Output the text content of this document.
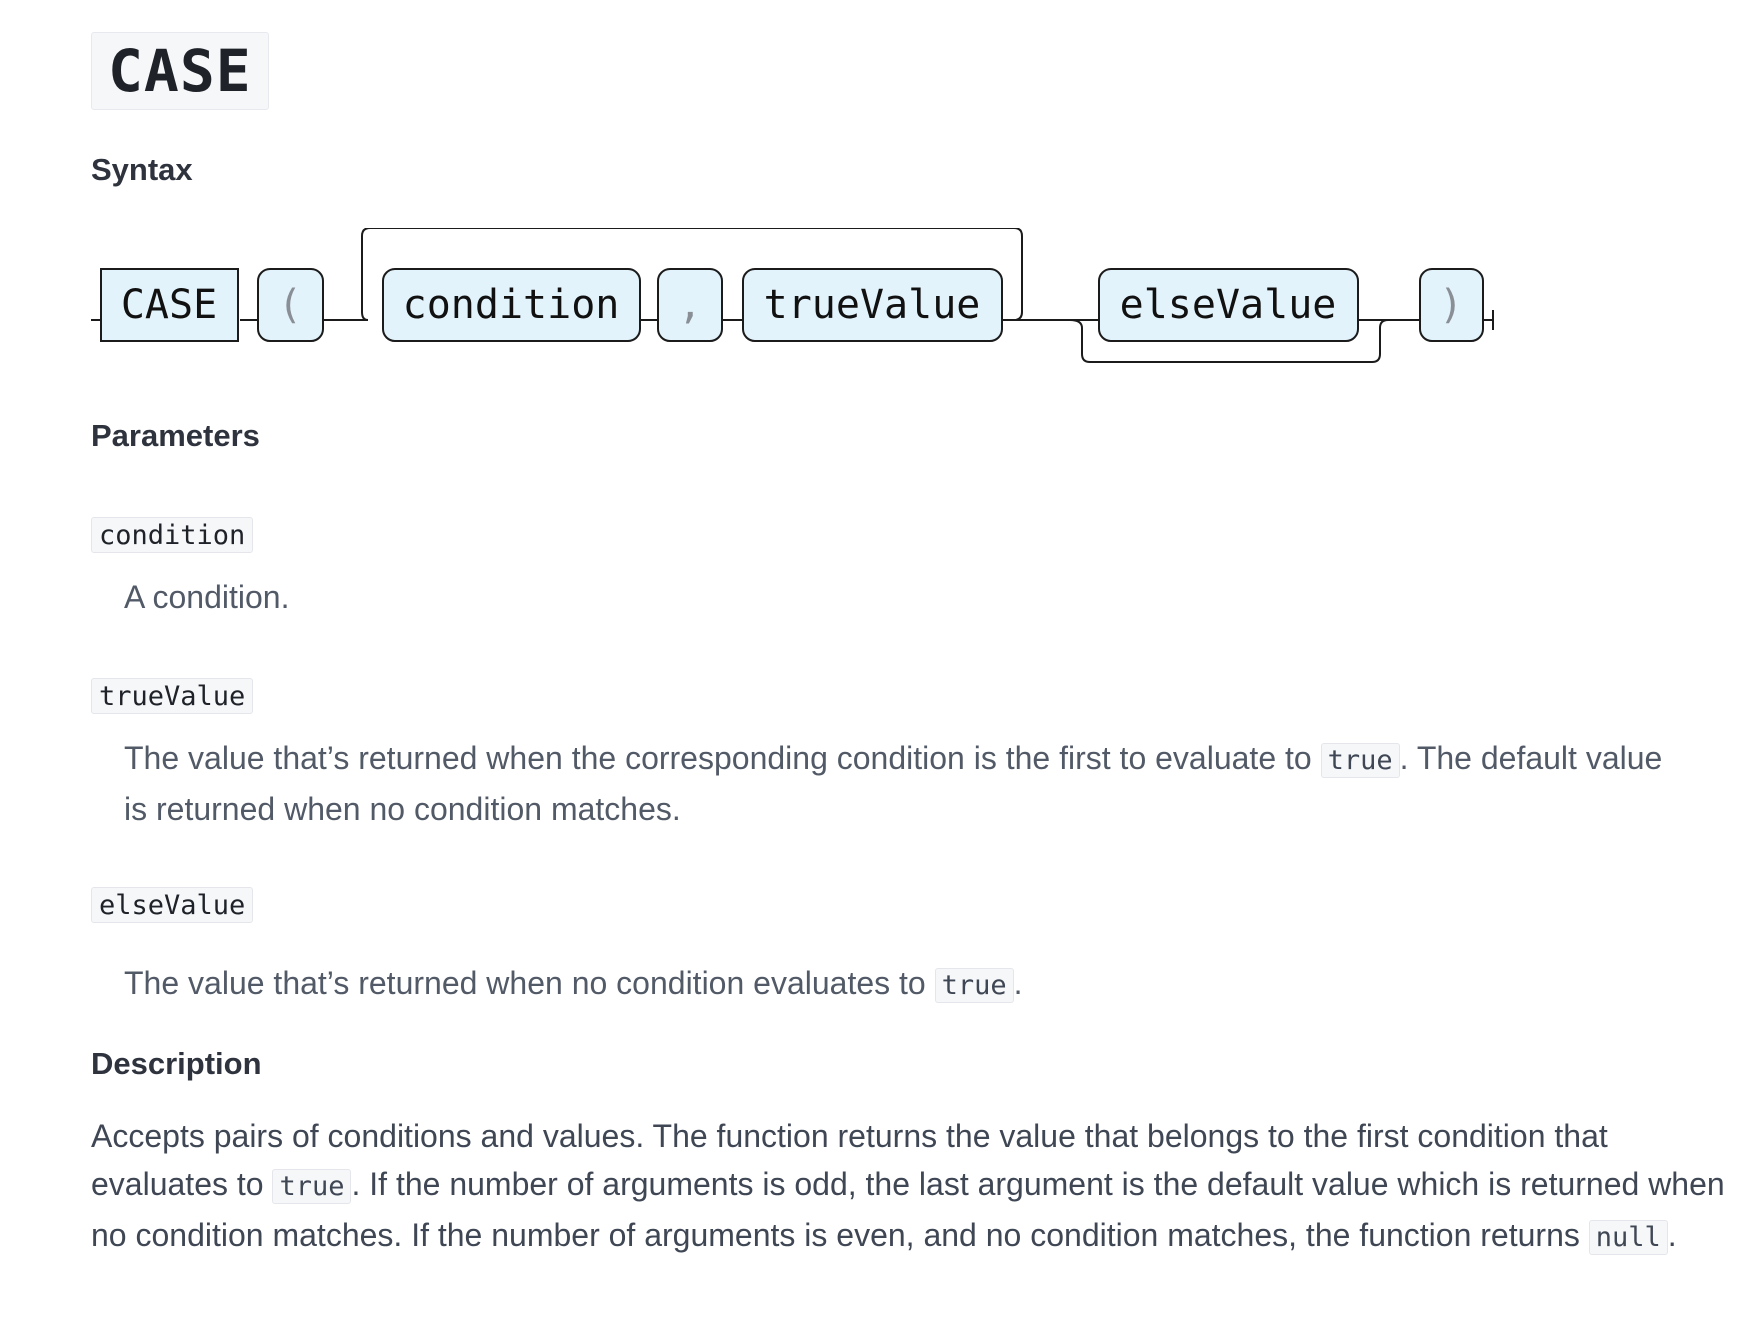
CASE
Syntax
CASE (	condition , trueValue	elseValue	)
Parameters
condition

A condition.

trueValue

The value that’s returned when the corresponding condition is the first to evaluate to true . The default value is returned when no condition matches.

elseValue

The value that’s returned when no condition evaluates to true .

Description

Accepts pairs of conditions and values. The function returns the value that belongs to the first condition that evaluates to true . If the number of arguments is odd, the last argument is the default value which is returned when no condition matches. If the number of arguments is even, and no condition matches, the function returns null .
